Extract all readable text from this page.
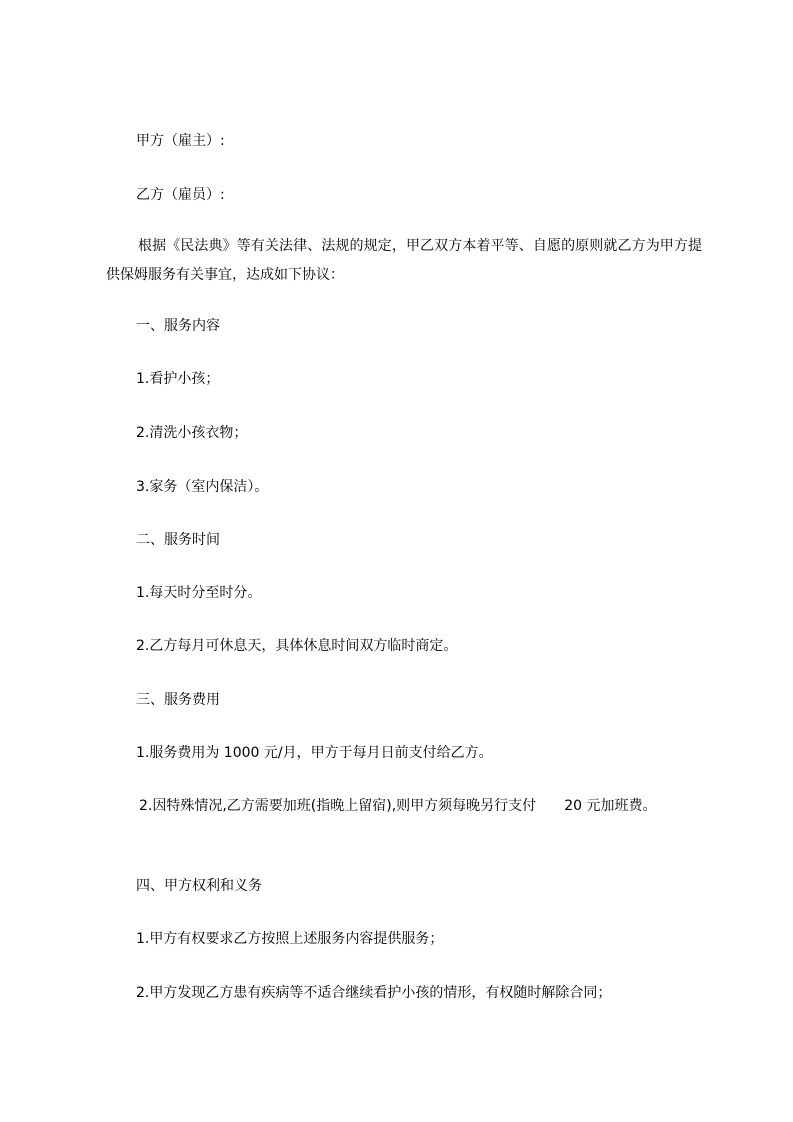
甲方（雇主）:
乙方（雇员）:
根据《民法典》等有关法律、法规的规定，甲乙双方本着平等、自愿的原则就乙方为甲方提供保姆服务有关事宜，达成如下协议：
一、服务内容
1.看护小孩；
2.清洗小孩衣物；
3.家务（室内保洁）。
二、服务时间
1.每天时分至时分。
2.乙方每月可休息天，具体休息时间双方临时商定。
三、服务费用
1.服务费用为 1000 元/月，甲方于每月日前支付给乙方。
2.因特殊情况,乙方需要加班(指晚上留宿),则甲方须每晚另行支付 20 元加班费。
四、甲方权利和义务
1.甲方有权要求乙方按照上述服务内容提供服务；
2.甲方发现乙方患有疾病等不适合继续看护小孩的情形，有权随时解除合同；
